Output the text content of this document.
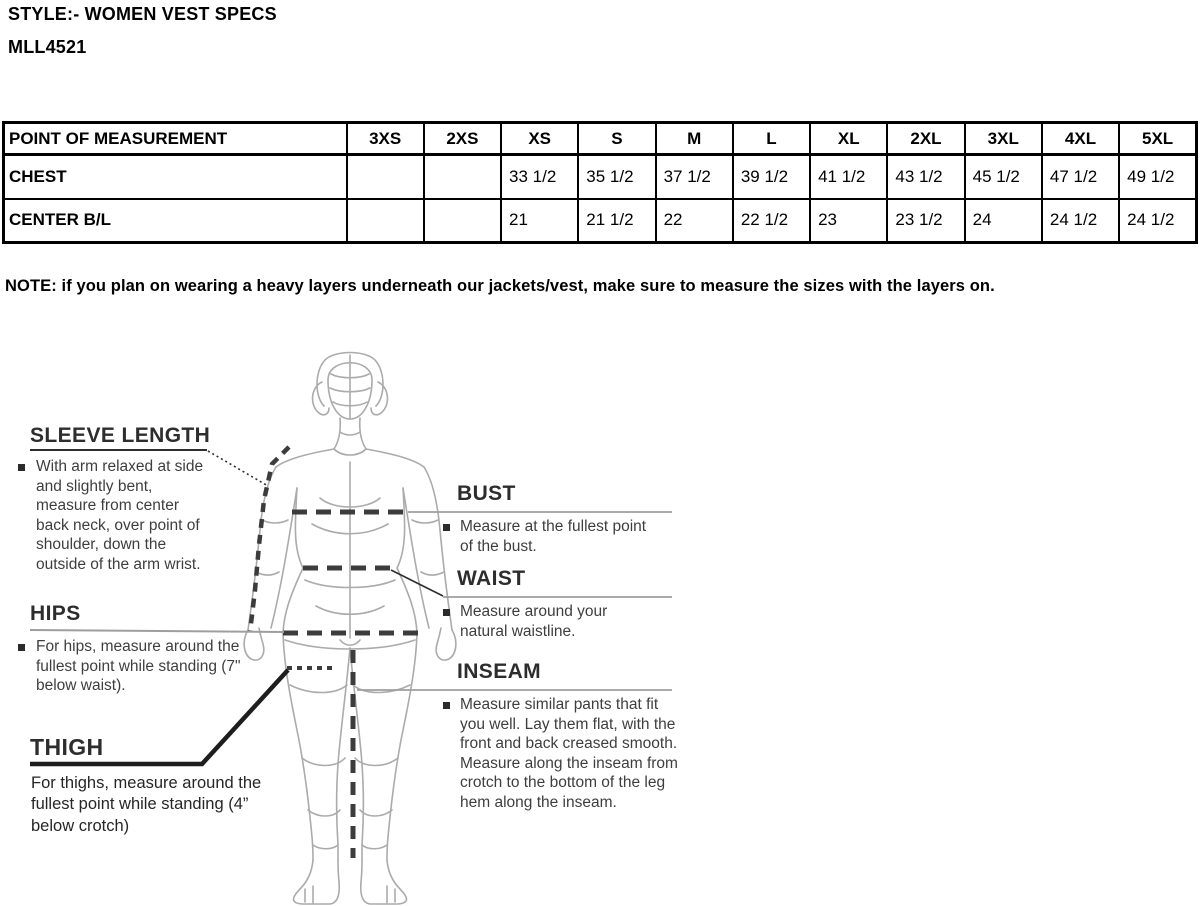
STYLE:- WOMEN VEST SPECS
MLL4521
POINT OF MEASUREMENT	3XS	2XS	XS	S	M	L	XL	2XL	3XL	4XL	5XL
CHEST			33 1/2	35 1/2	37 1/2	39 1/2	41 1/2	43 1/2	45 1/2	47 1/2	49 1/2
CENTER B/L			21	21 1/2	22	22 1/2	23	23 1/2	24	24 1/2	24 1/2
NOTE: if you plan on wearing a heavy layers underneath our jackets/vest, make sure to measure the sizes with the layers on.
SLEEVE LENGTH
With arm relaxed at side and slightly bent, measure from center back neck, over point of shoulder, down the outside of the arm wrist.
HIPS
For hips, measure around the fullest point while standing (7" below waist).
THIGH
For thighs, measure around the fullest point while standing (4” below crotch)
BUST
Measure at the fullest point of the bust.
WAIST
Measure around your natural waistline.
INSEAM
Measure similar pants that fit you well. Lay them flat, with the front and back creased smooth. Measure along the inseam from crotch to the bottom of the leg hem along the inseam.
